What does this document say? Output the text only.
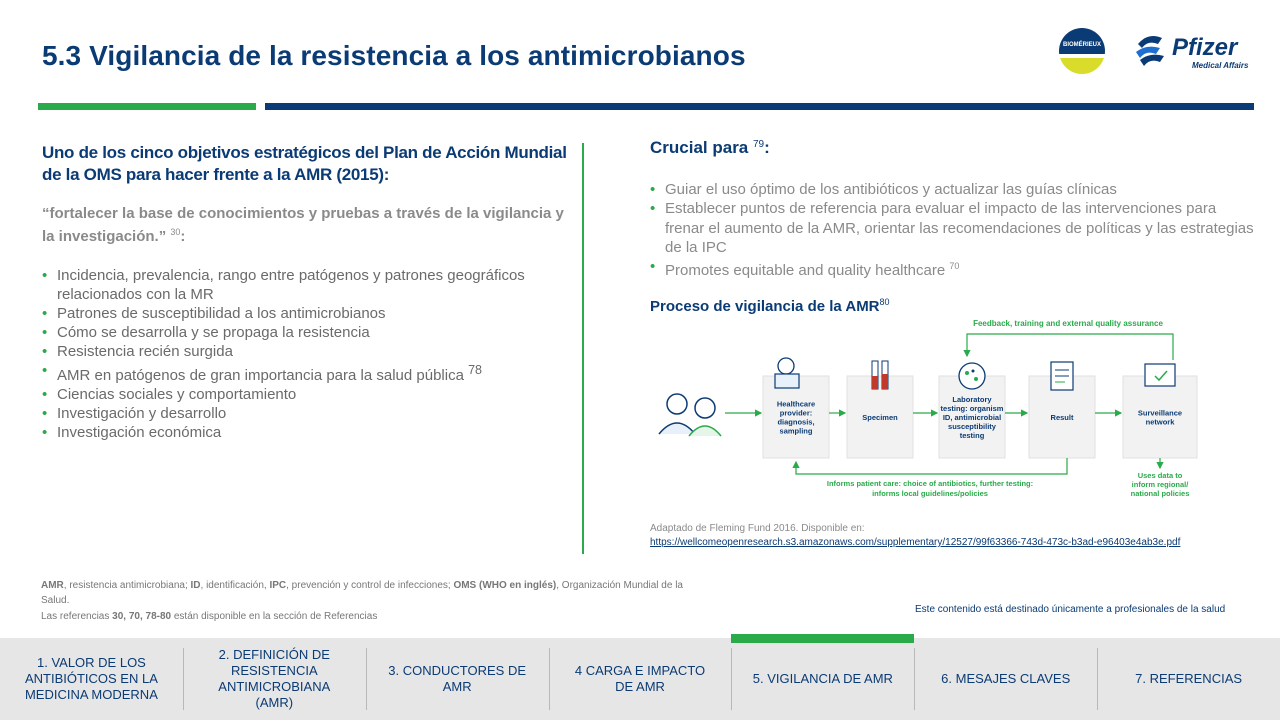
5.3 Vigilancia de la resistencia a los antimicrobianos	BIOMÉRIEUX	Pfizer
Medical Affairs
Uno de los cinco objetivos estratégicos del Plan de Acción Mundial de la OMS para hacer frente a la AMR (2015):
“fortalecer la base de conocimientos y pruebas a través de la vigilancia y la investigación.” $^{30}$:
• Incidencia, prevalencia, rango entre patógenos y patrones geográficos relacionados con la MR
• Patrones de susceptibilidad a los antimicrobianos
• Cómo se desarrolla y se propaga la resistencia
• Resistencia recién surgida
• AMR en patógenos de gran importancia para la salud pública $^{78}$
• Ciencias sociales y comportamiento
• Investigación y desarrollo
• Investigación económica
Crucial para $^{79}$:
• Guiar el uso óptimo de los antibióticos y actualizar las guías clínicas
• Establecer puntos de referencia para evaluar el impacto de las intervenciones para frenar el aumento de la AMR, orientar las recomendaciones de políticas y las estrategias de la IPC
• Promotes equitable and quality healthcare $^{70}$
Proceso de vigilancia de la AMR$^{80}$
Feedback, training and external quality assurance
Healthcare
provider:
diagnosis,
sampling
Specimen
Laboratory
testing: organism
ID, antimicrobial
susceptibility
testing
Result	Surveillance
network
Informs patient care: choice of antibiotics, further testing:
informs local guidelines/policies
Uses data to
inform regional/
national policies
Adaptado de Fleming Fund 2016. Disponible en:
https://wellcomeopenresearch.s3.amazonaws.com/supplementary/12527/99f63366-743d-473c-b3ad-e96403e4ab3e.pdf
AMR, resistencia antimicrobiana; ID, identificación, IPC, prevención y control de infecciones; OMS (WHO en inglés), Organización Mundial de la Salud.
Las referencias 30, 70, 78-80 están disponible en la sección de Referencias
Este contenido está destinado únicamente a profesionales de la salud
1. VALOR DE LOS ANTIBIÓTICOS EN LA MEDICINA MODERNA
2. DEFINICIÓN DE RESISTENCIA ANTIMICROBIANA (AMR)
3. CONDUCTORES DE AMR
4 CARGA E IMPACTO DE AMR
5. VIGILANCIA DE AMR	6. MESAJES CLAVES	7. REFERENCIAS
